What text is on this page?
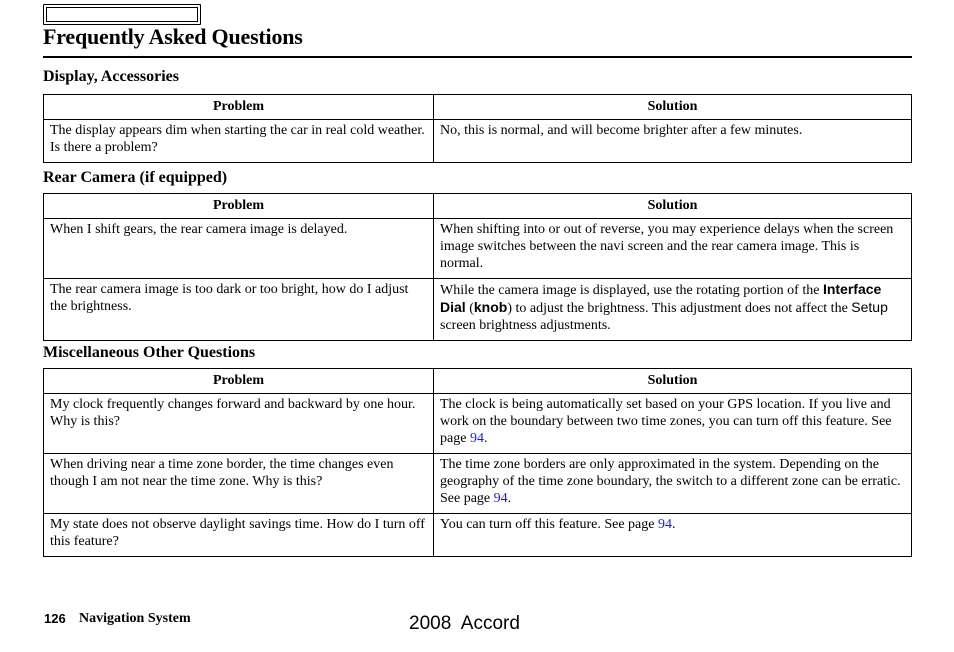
Frequently Asked Questions
Display, Accessories
Problem	Solution
The display appears dim when starting the car in real cold weather. Is there a problem?	No, this is normal, and will become brighter after a few minutes.
Rear Camera (if equipped)
Problem	Solution
When I shift gears, the rear camera image is delayed.	When shifting into or out of reverse, you may experience delays when the screen image switches between the navi screen and the rear camera image. This is normal.
The rear camera image is too dark or too bright, how do I adjust the brightness.	While the camera image is displayed, use the rotating portion of the Interface Dial (knob) to adjust the brightness. This adjustment does not affect the Setup screen brightness adjustments.
Miscellaneous Other Questions
Problem	Solution
My clock frequently changes forward and backward by one hour. Why is this?	The clock is being automatically set based on your GPS location. If you live and work on the boundary between two time zones, you can turn off this feature. See page 94.
When driving near a time zone border, the time changes even though I am not near the time zone. Why is this?	The time zone borders are only approximated in the system. Depending on the geography of the time zone boundary, the switch to a different zone can be erratic. See page 94.
My state does not observe daylight savings time. How do I turn off this feature?	You can turn off this feature. See page 94.
126 Navigation System	2008  Accord
